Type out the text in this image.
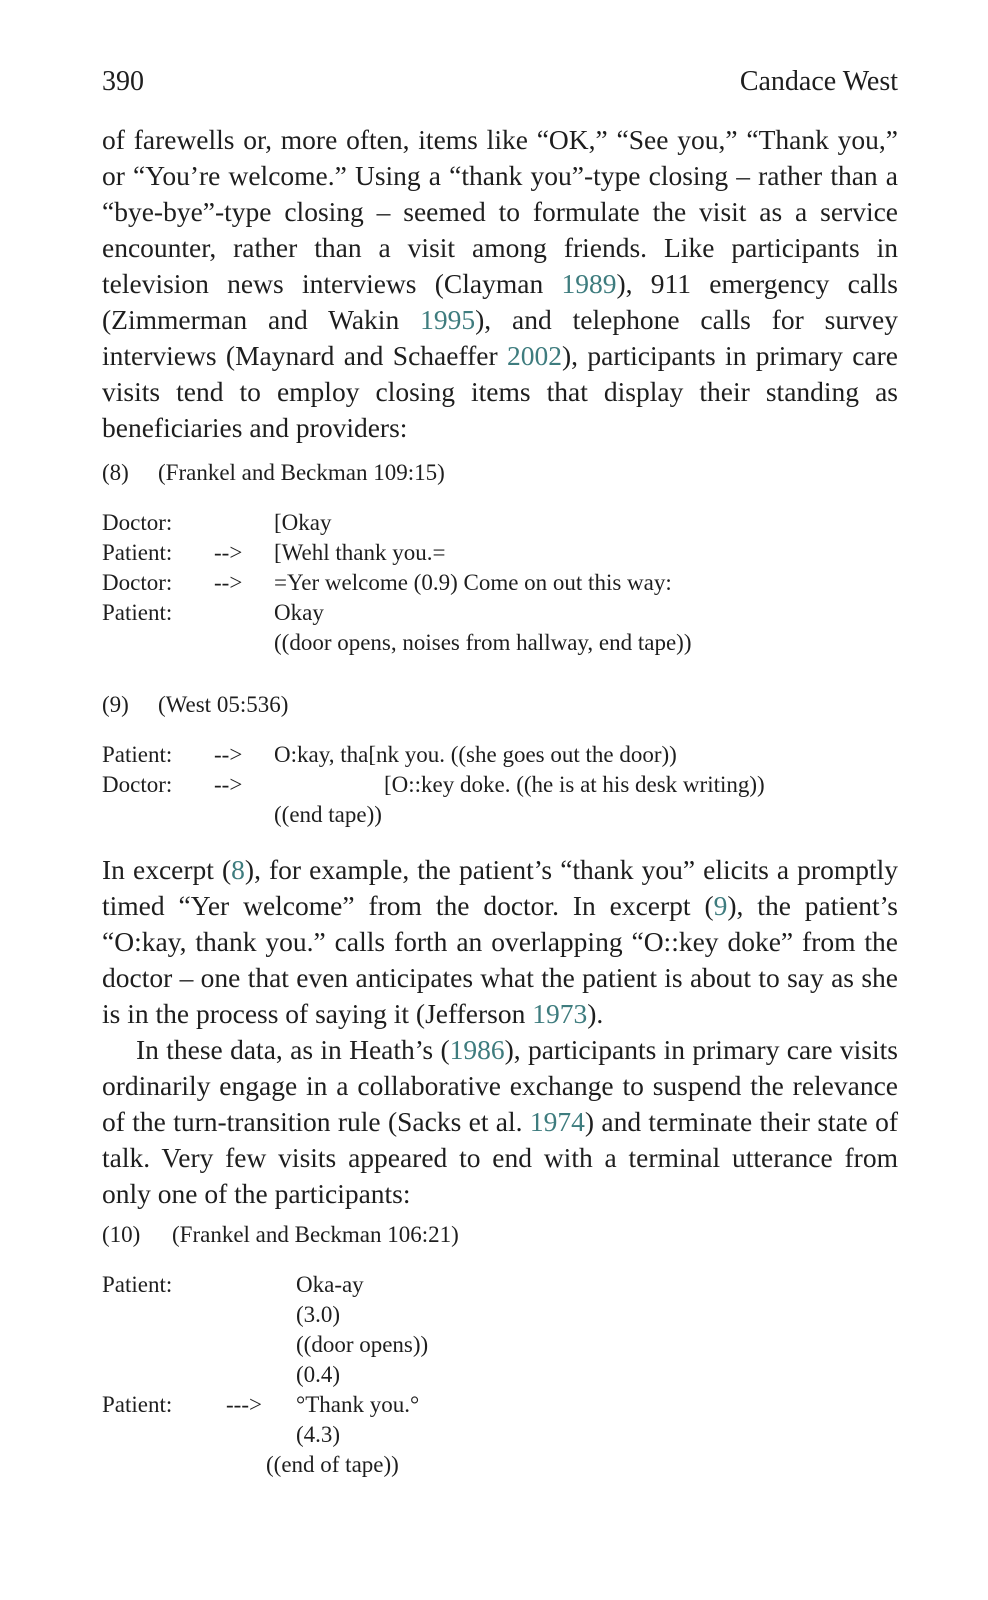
390	Candace West

of farewells or, more often, items like “OK,” “See you,” “Thank you,” or “You’re welcome.” Using a “thank you”-type closing – rather than a “bye-bye”-type closing – seemed to formulate the visit as a service encounter, rather than a visit among friends. Like participants in television news interviews (Clayman 1989), 911 emergency calls (Zimmerman and Wakin 1995), and telephone calls for survey interviews (Maynard and Schaeffer 2002), participants in primary care visits tend to employ closing items that display their standing as beneficiaries and providers:

(8) (Frankel and Beckman 109:15)
Doctor:	[Okay
Patient: --> [Wehl thank you.=
Doctor: --> =Yer welcome (0.9) Come on out this way:
Patient:	Okay
((door opens, noises from hallway, end tape))
(9) (West 05:536)
Patient: --> O:kay, tha[nk you. ((she goes out the door))
Doctor: -->	[O::key doke. ((he is at his desk writing))
((end tape))

In excerpt (8), for example, the patient’s “thank you” elicits a promptly timed “Yer welcome” from the doctor. In excerpt (9), the patient’s “O:kay, thank you.” calls forth an overlapping “O::key doke” from the doctor – one that even anticipates what the patient is about to say as she is in the process of saying it (Jefferson 1973).
In these data, as in Heath’s (1986), participants in primary care visits ordinarily engage in a collaborative exchange to suspend the relevance of the turn-transition rule (Sacks et al. 1974) and terminate their state of talk. Very few visits appeared to end with a terminal utterance from only one of the participants:

(10) (Frankel and Beckman 106:21)
Patient:	Oka-ay
(3.0)
((door opens))
(0.4)
Patient: ---> °Thank you.°
(4.3)
((end of tape))
